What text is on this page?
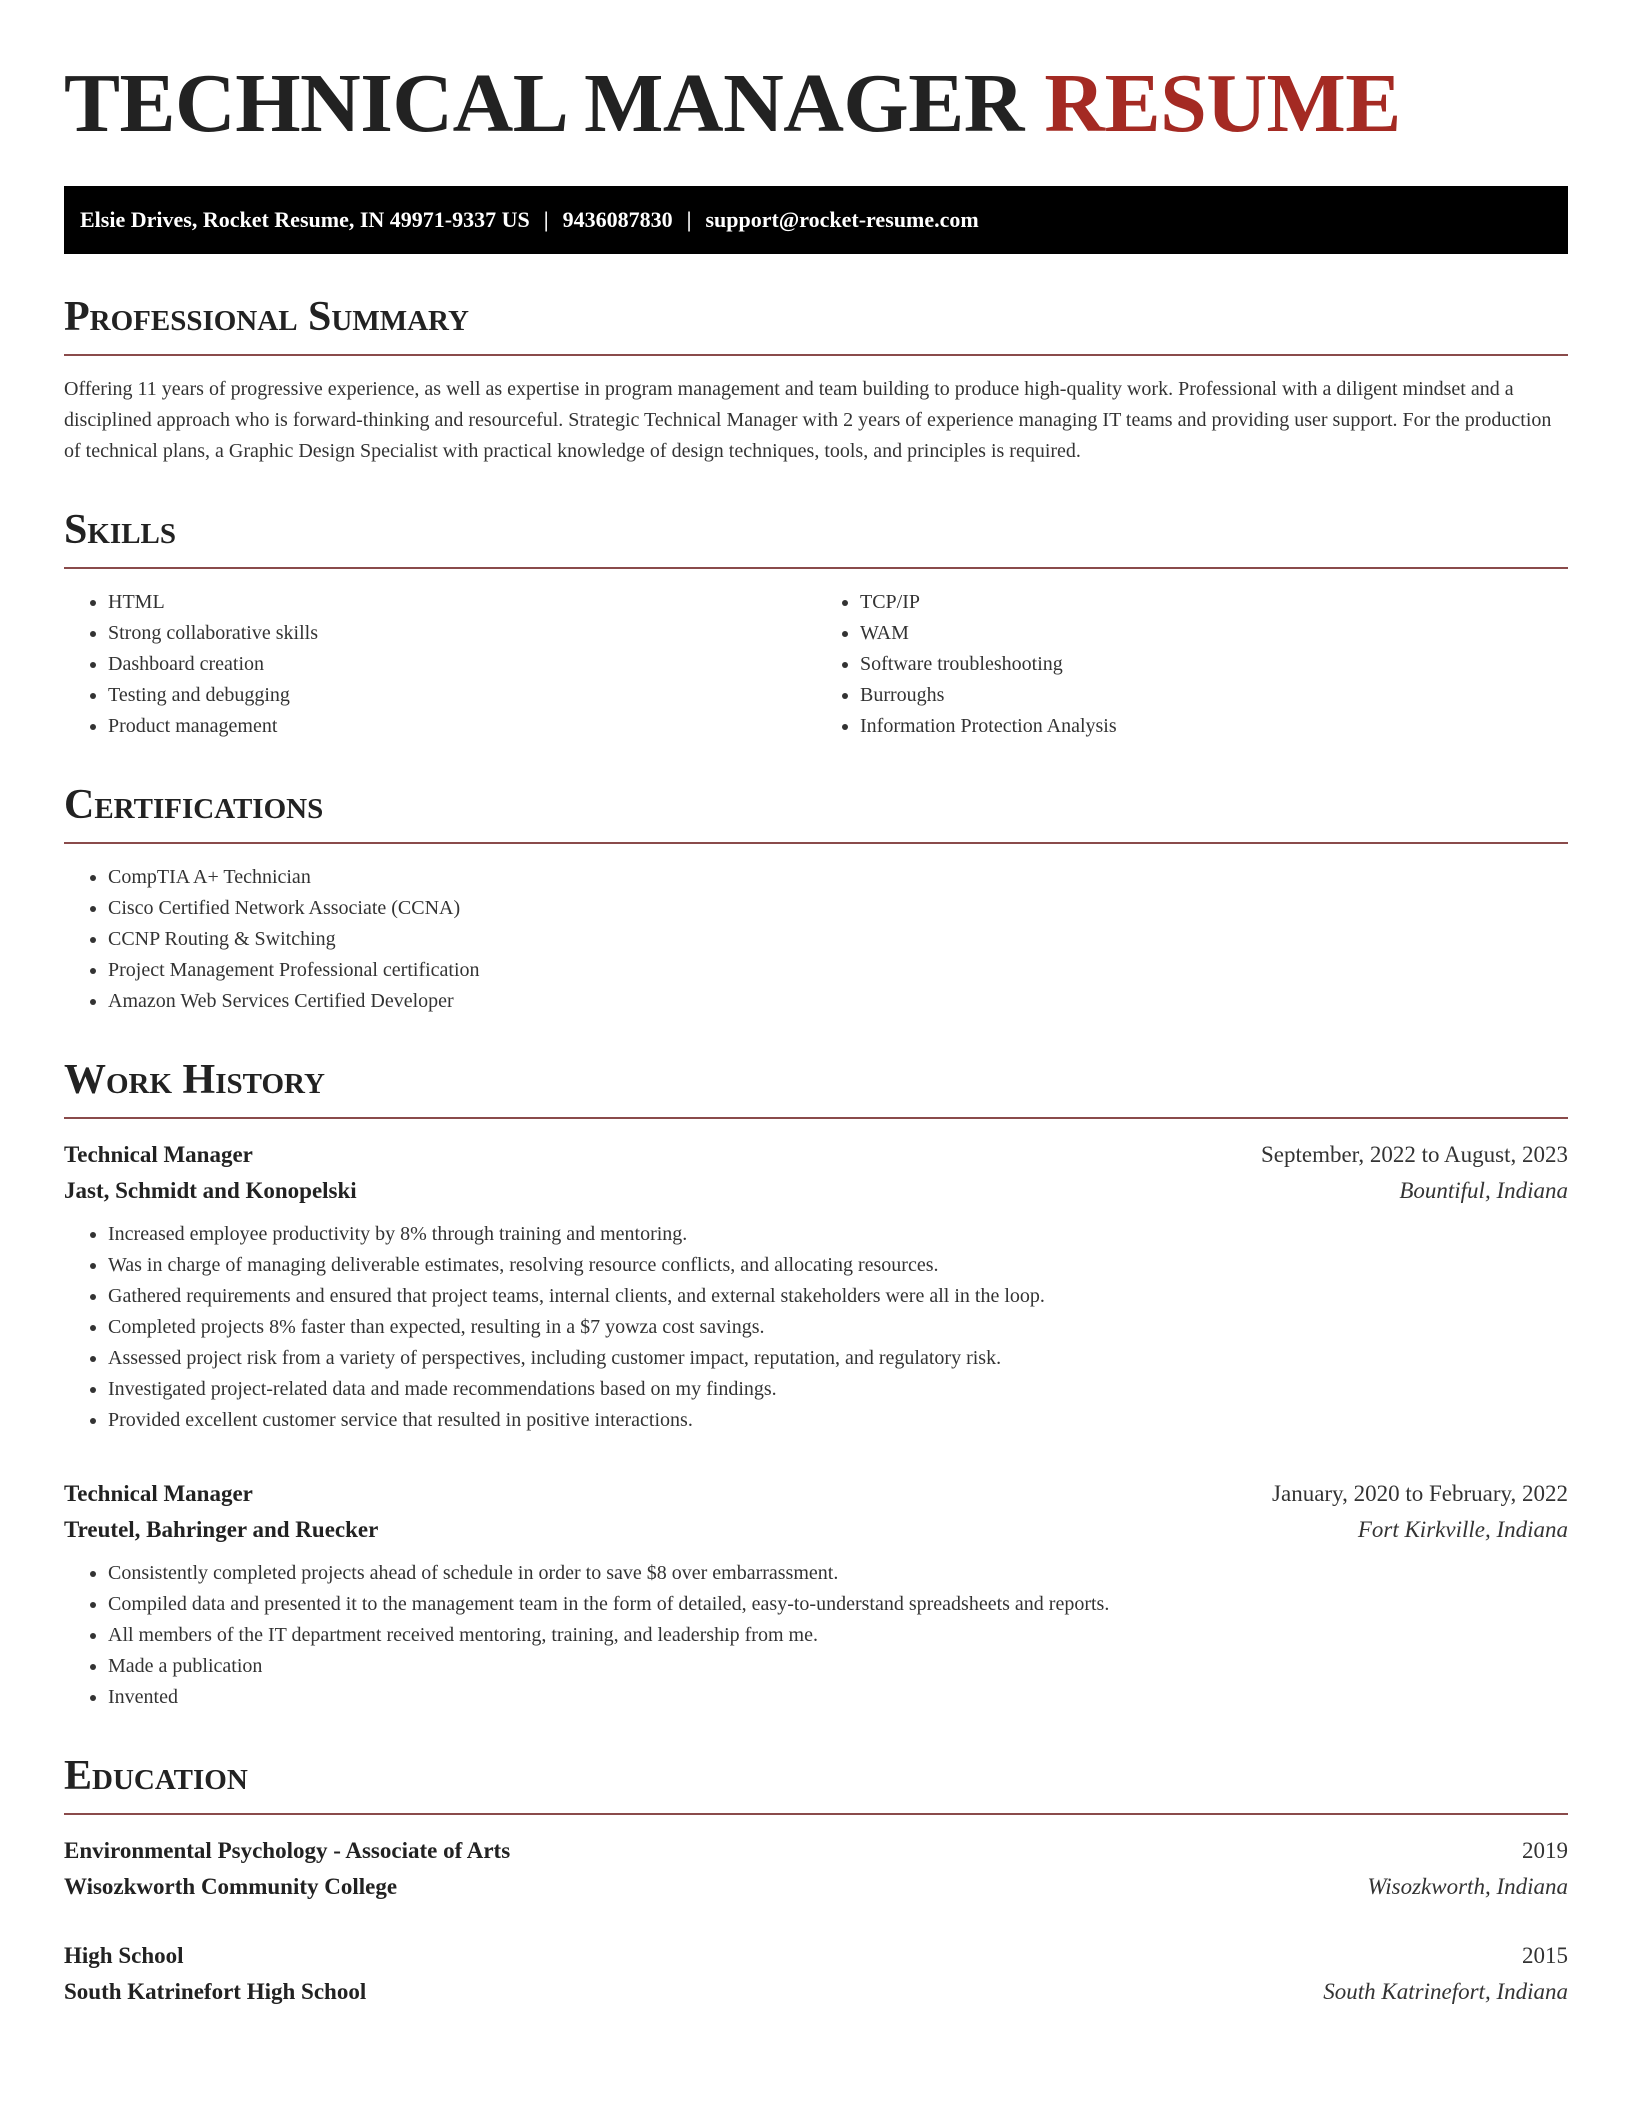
TECHNICAL MANAGER RESUME
Elsie Drives, Rocket Resume, IN 49971-9337 US | 9436087830 | support@rocket-resume.com
Professional Summary

Offering 11 years of progressive experience, as well as expertise in program management and team building to produce high-quality work. Professional with a diligent mindset and a disciplined approach who is forward-thinking and resourceful. Strategic Technical Manager with 2 years of experience managing IT teams and providing user support. For the production of technical plans, a Graphic Design Specialist with practical knowledge of design techniques, tools, and principles is required.

Skills
• HTML
• Strong collaborative skills
• Dashboard creation
• Testing and debugging
• Product management
• TCP/IP
• WAM
• Software troubleshooting
• Burroughs
• Information Protection Analysis
Certifications
• CompTIA A+ Technician
• Cisco Certified Network Associate (CCNA)
• CCNP Routing & Switching
• Project Management Professional certification
• Amazon Web Services Certified Developer
Work History
Technical Manager	September, 2022 to August, 2023
Jast, Schmidt and Konopelski	Bountiful, Indiana
• Increased employee productivity by 8% through training and mentoring.
• Was in charge of managing deliverable estimates, resolving resource conflicts, and allocating resources.
• Gathered requirements and ensured that project teams, internal clients, and external stakeholders were all in the loop.
• Completed projects 8% faster than expected, resulting in a $7 yowza cost savings.
• Assessed project risk from a variety of perspectives, including customer impact, reputation, and regulatory risk.
• Investigated project-related data and made recommendations based on my findings.
• Provided excellent customer service that resulted in positive interactions.
Technical Manager	January, 2020 to February, 2022
Treutel, Bahringer and Ruecker	Fort Kirkville, Indiana
• Consistently completed projects ahead of schedule in order to save $8 over embarrassment.
• Compiled data and presented it to the management team in the form of detailed, easy-to-understand spreadsheets and reports.
• All members of the IT department received mentoring, training, and leadership from me.
• Made a publication
• Invented
Education
Environmental Psychology - Associate of Arts	2019
Wisozkworth Community College	Wisozkworth, Indiana
High School	2015
South Katrinefort High School	South Katrinefort, Indiana
